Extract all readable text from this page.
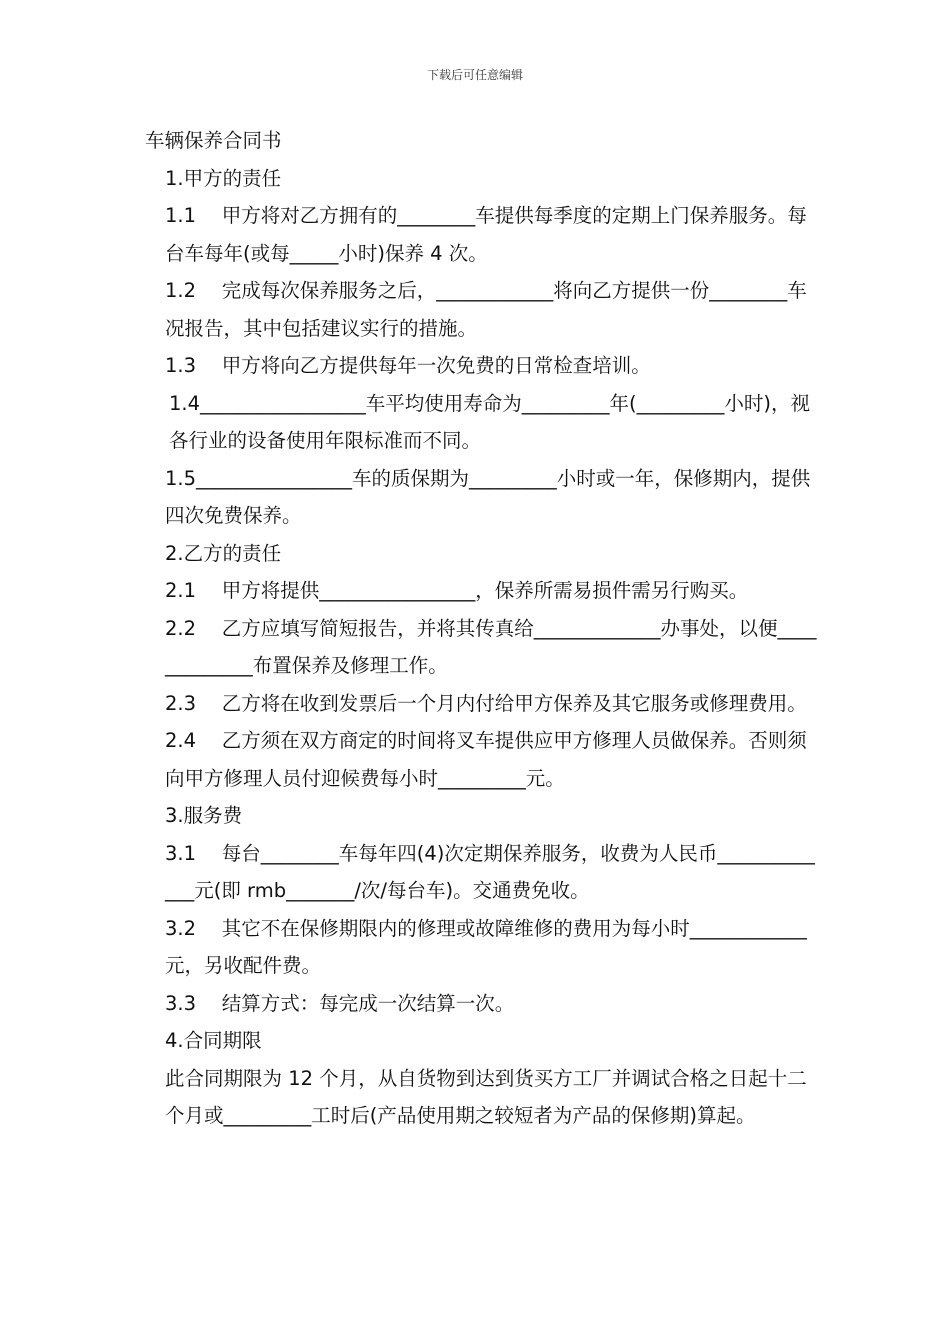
下载后可任意编辑

车辆保养合同书

1.甲方的责任

1.1　 甲方将对乙方拥有的________车提供每季度的定期上门保养服务。每台车每年(或每_____小时)保养 4 次。

1.2　 完成每次保养服务之后，____________将向乙方提供一份________车况报告，其中包括建议实行的措施。

1.3　 甲方将向乙方提供每年一次免费的日常检查培训。

1.4_________________车平均使用寿命为_________年(_________小时)，视各行业的设备使用年限标准而不同。

1.5________________车的质保期为_________小时或一年，保修期内，提供四次免费保养。

2.乙方的责任

2.1　 甲方将提供________________，保养所需易损件需另行购买。

2.2　 乙方应填写简短报告，并将其传真给_____________办事处，以便_____________布置保养及修理工作。

2.3　 乙方将在收到发票后一个月内付给甲方保养及其它服务或修理费用。

2.4　 乙方须在双方商定的时间将叉车提供应甲方修理人员做保养。否则须向甲方修理人员付迎候费每小时_________元。

3.服务费

3.1　 每台________车每年四(4)次定期保养服务，收费为人民币_____________元(即 rmb_______/次/每台车)。交通费免收。

3.2　 其它不在保修期限内的修理或故障维修的费用为每小时____________元，另收配件费。

3.3　 结算方式：每完成一次结算一次。

4.合同期限

此合同期限为 12 个月，从自货物到达到货买方工厂并调试合格之日起十二个月或_________工时后(产品使用期之较短者为产品的保修期)算起。
